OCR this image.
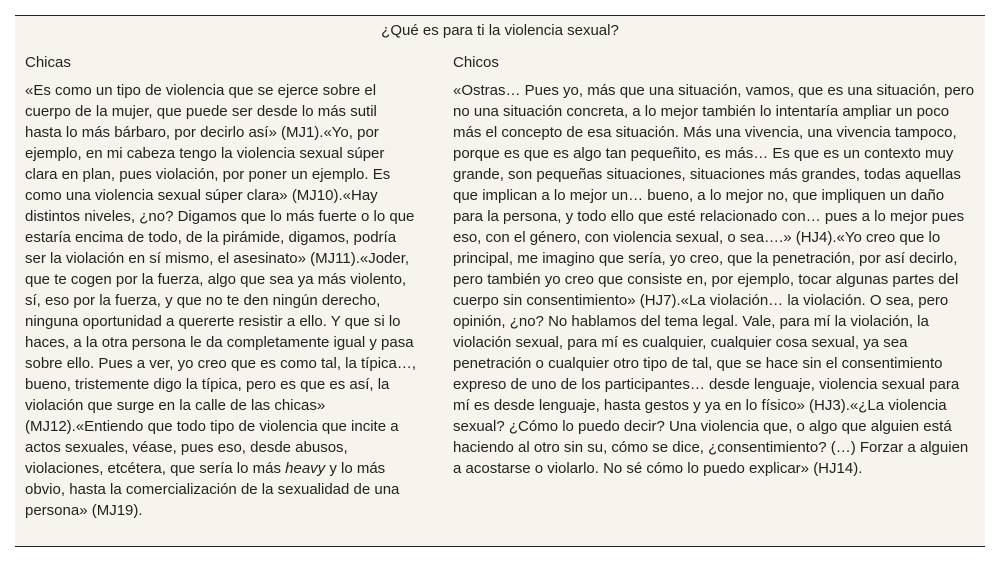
¿Qué es para ti la violencia sexual?
Chicas

«Es como un tipo de violencia que se ejerce sobre el cuerpo de la mujer, que puede ser desde lo más sutil hasta lo más bárbaro, por decirlo así» (MJ1).«Yo, por ejemplo, en mi cabeza tengo la violencia sexual súper clara en plan, pues violación, por poner un ejemplo. Es como una violencia sexual súper clara» (MJ10).«Hay distintos niveles, ¿no? Digamos que lo más fuerte o lo que estaría encima de todo, de la pirámide, digamos, podría ser la violación en sí mismo, el asesinato» (MJ11).«Joder, que te cogen por la fuerza, algo que sea ya más violento, sí, eso por la fuerza, y que no te den ningún derecho, ninguna oportunidad a quererte resistir a ello. Y que si lo haces, a la otra persona le da completamente igual y pasa sobre ello. Pues a ver, yo creo que es como tal, la típica…, bueno, tristemente digo la típica, pero es que es así, la violación que surge en la calle de las chicas» (MJ12).«Entiendo que todo tipo de violencia que incite a actos sexuales, véase, pues eso, desde abusos, violaciones, etcétera, que sería lo más heavy y lo más obvio, hasta la comercialización de la sexualidad de una persona» (MJ19).

Chicos

«Ostras… Pues yo, más que una situación, vamos, que es una situación, pero no una situación concreta, a lo mejor también lo intentaría ampliar un poco más el concepto de esa situación. Más una vivencia, una vivencia tampoco, porque es que es algo tan pequeñito, es más… Es que es un contexto muy grande, son pequeñas situaciones, situaciones más grandes, todas aquellas que implican a lo mejor un… bueno, a lo mejor no, que impliquen un daño para la persona, y todo ello que esté relacionado con… pues a lo mejor pues eso, con el género, con violencia sexual, o sea….» (HJ4).«Yo creo que lo principal, me imagino que sería, yo creo, que la penetración, por así decirlo, pero también yo creo que consiste en, por ejemplo, tocar algunas partes del cuerpo sin consentimiento» (HJ7).«La violación… la violación. O sea, pero opinión, ¿no? No hablamos del tema legal. Vale, para mí la violación, la violación sexual, para mí es cualquier, cualquier cosa sexual, ya sea penetración o cualquier otro tipo de tal, que se hace sin el consentimiento expreso de uno de los participantes… desde lenguaje, violencia sexual para mí es desde lenguaje, hasta gestos y ya en lo físico» (HJ3).«¿La violencia sexual? ¿Cómo lo puedo decir? Una violencia que, o algo que alguien está haciendo al otro sin su, cómo se dice, ¿consentimiento? (…) Forzar a alguien a acostarse o violarlo. No sé cómo lo puedo explicar» (HJ14).
